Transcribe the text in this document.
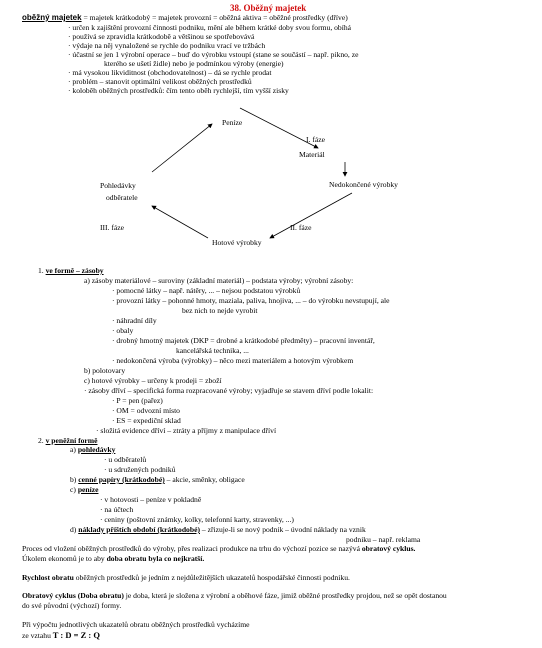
38. Oběžný majetek
oběžný majetek = majetek krátkodobý = majetek provozní = oběžná aktiva = oběžné prostředky (dříve)
· určen k zajištění provozní činnosti podniku, mění ale během krátké doby svou formu, obíhá
· používá se zpravidla krátkodobě a většinou se spotřebovává
· výdaje na něj vynaložené se rychle do podniku vrací ve tržbách
· účastní se jen 1 výrobní operace – buď do výrobku vstoupí (stane se součástí – např. pikno, ze
kterého se ušetí židle) nebo je podmínkou výroby (energie)
· má vysokou likviditnost (obchodovatelnost) – dá se rychle prodat
· problém – stanovit optimální velikost oběžných prostředků
· koloběh oběžných prostředků: čím tento oběh rychlejší, tím vyšší zisky
Peníze
I. fáze
Materiál
Nedokončené výrobky
II. fáze
Hotové výrobky
III. fáze
Pohledávky
odběratele
1. ve formě – zásoby
a) zásoby materiálové – suroviny (základní materiál) – podstata výroby; výrobní zásoby:
· pomocné látky – např. nátěry, ... – nejsou podstatou výrobků
· provozní látky – pohonné hmoty, maziala, paliva, hnojiva, ... – do výrobku nevstupují, ale
bez nich to nejde vyrobit
· náhradní díly
· obaly
· drobný hmotný majetek (DKP = drobné a krátkodobé předměty) – pracovní inventář,
kancelářská technika, ...
· nedokončená výroba (výrobky) – něco mezi materiálem a hotovým výrobkem
b) polotovary
c) hotové výrobky – určeny k prodeji = zboží
· zásoby dříví – specifická forma rozpracované výroby; vyjadřuje se stavem dříví podle lokalit:
· P = pen (pařez)
· OM = odvozní místo
· ES = expediční sklad
· složitá evidence dříví – ztráty a příjmy z manipulace dříví
2. v peněžní formě
a) pohledávky
· u odběratelů
· u sdružených podniků
b) cenné papíry (krátkodobé) – akcie, směnky, obligace
c) peníze
· v hotovosti – peníze v pokladně
· na účtech
· ceniny (poštovní známky, kolky, telefonní karty, stravenky, ...)
d) náklady příštích období (krátkodobé) – zřizuje-li se nový podnik – úvodní náklady na vznik
podniku – např. reklama
Proces od vložení oběžných prostředků do výroby, přes realizaci produkce na trhu do výchozí pozice se nazývá obratový cyklus.
Úkolem ekonomů je to aby doba obratu byla co nejkratší.
Rychlost obratu oběžných prostředků je jedním z nejdůležitějších ukazatelů hospodářské činnosti podniku.
Obratový cyklus (Doba obratu) je doba, která je složena z výrobní a oběhové fáze, jimiž oběžné prostředky projdou, než se opět dostanou
do své původní (výchozí) formy.
Při výpočtu jednotlivých ukazatelů obratu oběžných prostředků vycházíme
ze vztahu T : D = Z : Q
